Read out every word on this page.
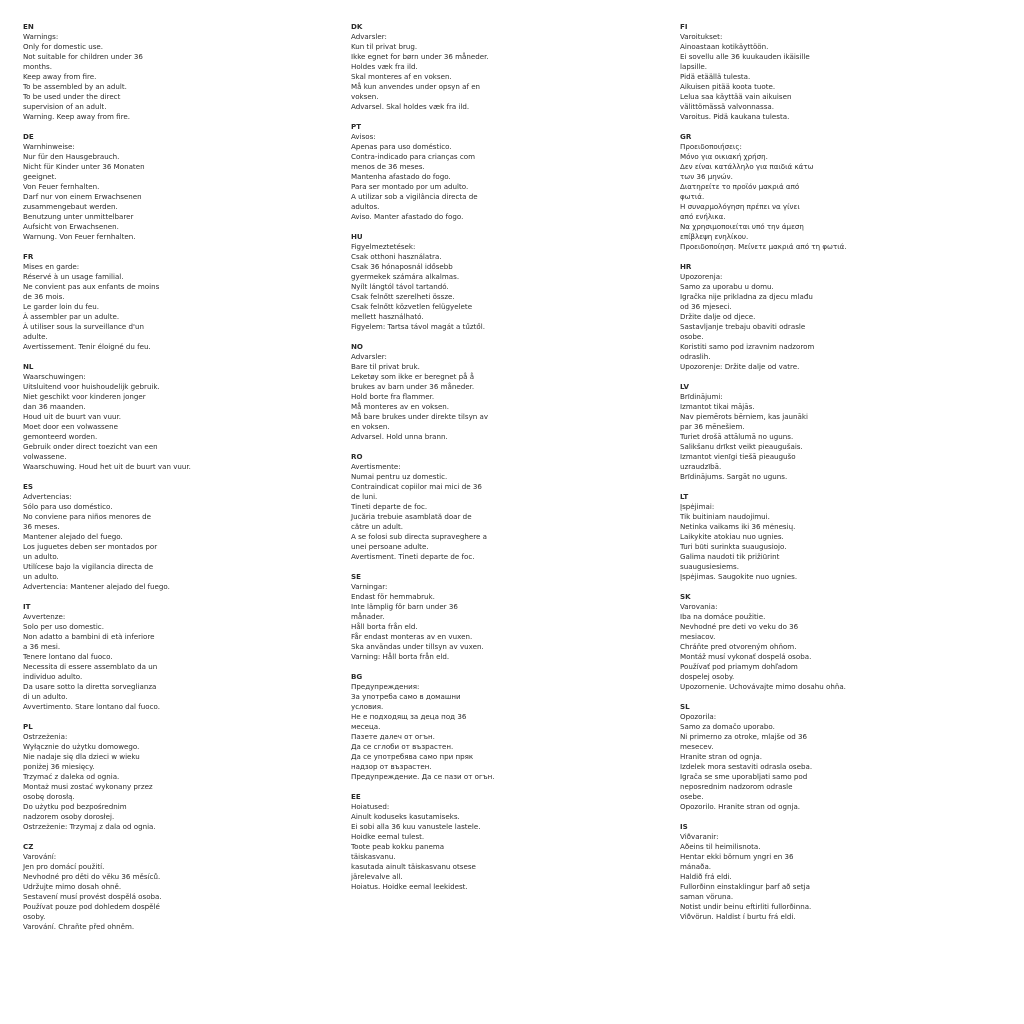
EN
Warnings:
Only for domestic use.
Not suitable for children under 36
months.
Keep away from fire.
To be assembled by an adult.
To be used under the direct
supervision of an adult.
Warning. Keep away from fire.
DE
Warnhinweise:
Nur für den Hausgebrauch.
Nicht für Kinder unter 36 Monaten
geeignet.
Von Feuer fernhalten.
Darf nur von einem Erwachsenen
zusammengebaut werden.
Benutzung unter unmittelbarer
Aufsicht von Erwachsenen.
Warnung. Von Feuer fernhalten.
FR
Mises en garde:
Réservé à un usage familial.
Ne convient pas aux enfants de moins
de 36 mois.
Le garder loin du feu.
À assembler par un adulte.
À utiliser sous la surveillance d'un
adulte.
Avertissement. Tenir éloigné du feu.
NL
Waarschuwingen:
Uitsluitend voor huishoudelijk gebruik.
Niet geschikt voor kinderen jonger
dan 36 maanden.
Houd uit de buurt van vuur.
Moet door een volwassene
gemonteerd worden.
Gebruik onder direct toezicht van een
volwassene.
Waarschuwing. Houd het uit de buurt van vuur.
ES
Advertencias:
Sólo para uso doméstico.
No conviene para niños menores de
36 meses.
Mantener alejado del fuego.
Los juguetes deben ser montados por
un adulto.
Utilícese bajo la vigilancia directa de
un adulto.
Advertencia: Mantener alejado del fuego.
IT
Avvertenze:
Solo per uso domestic.
Non adatto a bambini di età inferiore
a 36 mesi.
Tenere lontano dal fuoco.
Necessita di essere assemblato da un
individuo adulto.
Da usare sotto la diretta sorveglianza
di un adulto.
Avvertimento. Stare lontano dal fuoco.
PL
Ostrzeżenia:
Wyłącznie do użytku domowego.
Nie nadaje się dla dzieci w wieku
poniżej 36 miesięcy.
Trzymać z daleka od ognia.
Montaż musi zostać wykonany przez
osobę dorosłą.
Do użytku pod bezpośrednim
nadzorem osoby dorosłej.
Ostrzeżenie: Trzymaj z dala od ognia.
CZ
Varování:
Jen pro domácí použití.
Nevhodné pro děti do věku 36 měsíců.
Udržujte mimo dosah ohně.
Sestavení musí provést dospělá osoba.
Používat pouze pod dohledem dospělé
osoby.
Varování. Chraňte před ohněm.
DK
Advarsler:
Kun til privat brug.
Ikke egnet for børn under 36 måneder.
Holdes væk fra ild.
Skal monteres af en voksen.
Må kun anvendes under opsyn af en
voksen.
Advarsel. Skal holdes væk fra ild.
PT
Avisos:
Apenas para uso doméstico.
Contra-indicado para crianças com
menos de 36 meses.
Mantenha afastado do fogo.
Para ser montado por um adulto.
A utilizar sob a vigilância directa de
adultos.
Aviso. Manter afastado do fogo.
HU
Figyelmeztetések:
Csak otthoni használatra.
Csak 36 hónaposnál idősebb
gyermekek számára alkalmas.
Nyílt lángtól távol tartandó.
Csak felnőtt szerelheti össze.
Csak felnőtt közvetlen felügyelete
mellett használható.
Figyelem: Tartsa távol magát a tűztől.
NO
Advarsler:
Bare til privat bruk.
Leketøy som ikke er beregnet på å
brukes av barn under 36 måneder.
Hold borte fra flammer.
Må monteres av en voksen.
Må bare brukes under direkte tilsyn av
en voksen.
Advarsel. Hold unna brann.
RO
Avertismente:
Numai pentru uz domestic.
Contraindicat copiilor mai mici de 36
de luni.
Tineti departe de foc.
Jucăria trebuie asamblată doar de
către un adult.
A se folosi sub directa supraveghere a
unei persoane adulte.
Avertisment. Tineti departe de foc.
SE
Varningar:
Endast för hemmabruk.
Inte lämplig för barn under 36
månader.
Håll borta från eld.
Får endast monteras av en vuxen.
Ska användas under tillsyn av vuxen.
Varning: Håll borta från eld.
BG
Предупреждения:
За употреба само в домашни
условия.
Не е подходящ за деца под 36
месеца.
Пазете далеч от огън.
Да се сглоби от възрастен.
Да се употребява само при пряк
надзор от възрастен.
Предупреждение. Да се пази от огън.
EE
Hoiatused:
Ainult koduseks kasutamiseks.
Ei sobi alla 36 kuu vanustele lastele.
Hoidke eemal tulest.
Toote peab kokku panema
täiskasvanu.
kasutada ainult täiskasvanu otsese
järelevalve all.
Hoiatus. Hoidke eemal leekidest.
FI
Varoitukset:
Ainoastaan kotikäyttöön.
Ei sovellu alle 36 kuukauden ikäisille
lapsille.
Pidä etäällä tulesta.
Aikuisen pitää koota tuote.
Lelua saa käyttää vain aikuisen
välittömässä valvonnassa.
Varoitus. Pidä kaukana tulesta.
GR
Προειδοποιήσεις:
Μόνο για οικιακή χρήση.
Δεν είναι κατάλληλο για παιδιά κάτω
των 36 μηνών.
Διατηρείτε το προϊόν μακριά από
φωτιά.
Η συναρμολόγηση πρέπει να γίνει
από ενήλικα.
Να χρησιμοποιείται υπό την άμεση
επίβλεψη ενηλίκου.
Προειδοποίηση. Μείνετε μακριά από τη φωτιά.
HR
Upozorenja:
Samo za uporabu u domu.
Igračka nije prikladna za djecu mlađu
od 36 mjeseci.
Držite dalje od djece.
Sastavljanje trebaju obaviti odrasle
osobe.
Koristiti samo pod izravnim nadzorom
odraslih.
Upozorenje: Držite dalje od vatre.
LV
Brīdinājumi:
Izmantot tikai mājās.
Nav piemērots bērniem, kas jaunāki
par 36 mēnešiem.
Turiet drošā attālumā no uguns.
Salikšanu drīkst veikt pieaugušais.
Izmantot vienīgi tiešā pieaugušo
uzraudzībā.
Brīdinājums. Sargāt no uguns.
LT
Įspėjimai:
Tik buitiniam naudojimui.
Netinka vaikams iki 36 mėnesių.
Laikykite atokiau nuo ugnies.
Turi būti surinkta suaugusiojo.
Galima naudoti tik prižiūrint
suaugusiesiems.
Įspėjimas. Saugokite nuo ugnies.
SK
Varovania:
Iba na domáce použitie.
Nevhodné pre deti vo veku do 36
mesiacov.
Chráňte pred otvoreným ohňom.
Montáž musí vykonať dospelá osoba.
Používať pod priamym dohľadom
dospelej osoby.
Upozornenie. Uchovávajte mimo dosahu ohňa.
SL
Opozorila:
Samo za domačo uporabo.
Ni primerno za otroke, mlajše od 36
mesecev.
Hranite stran od ognja.
Izdelek mora sestaviti odrasla oseba.
Igrača se sme uporabljati samo pod
neposrednim nadzorom odrasle
osebe.
Opozorilo. Hranite stran od ognja.
IS
Viðvaranir:
Aðeins til heimilisnota.
Hentar ekki börnum yngri en 36
mánaða.
Haldið frá eldi.
Fullorðinn einstaklingur þarf að setja
saman vöruna.
Notist undir beinu eftirliti fullorðinna.
Viðvörun. Haldist í burtu frá eldi.
